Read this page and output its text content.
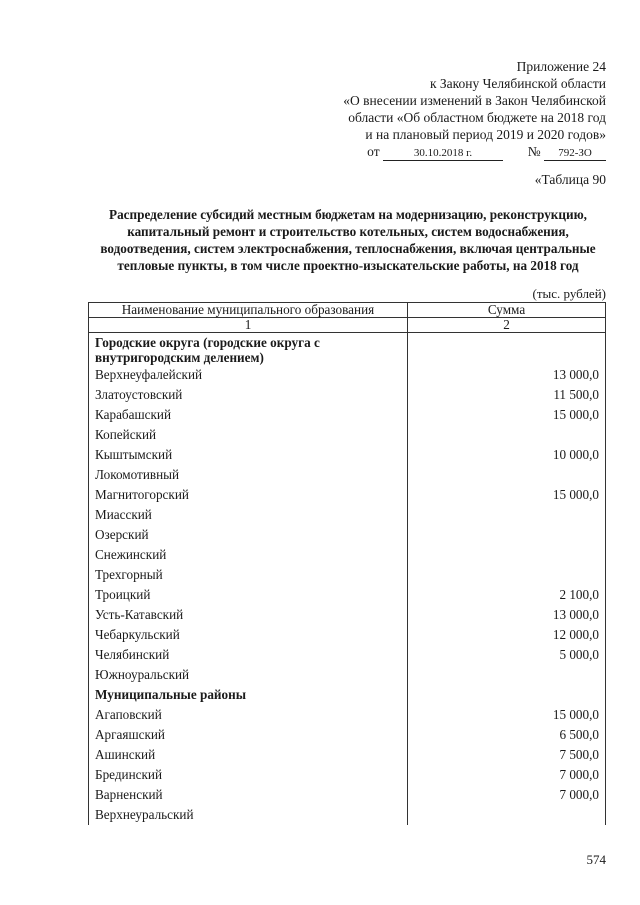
Приложение 24
к Закону Челябинской области
«О внесении изменений в Закон Челябинской
области «Об областном бюджете на 2018 год
и на плановый период 2019 и 2020 годов»
от	30.10.2018 г.	№ 792-ЗО
«Таблица 90
Распределение субсидий местным бюджетам на модернизацию, реконструкцию, капитальный ремонт и строительство котельных, систем водоснабжения, водоотведения, систем электроснабжения, теплоснабжения, включая центральные тепловые пункты, в том числе проектно-изыскательские работы, на 2018 год
(тыс. рублей)
Наименование муниципального образования	Сумма
1	2
Городские округа (городские округа с внутригородским делением)	
Верхнеуфалейский	13 000,0
Златоустовский	11 500,0
Карабашский	15 000,0
Копейский	
Кыштымский	10 000,0
Локомотивный	
Магнитогорский	15 000,0
Миасский	
Озерский	
Снежинский	
Трехгорный	
Троицкий	2 100,0
Усть-Катавский	13 000,0
Чебаркульский	12 000,0
Челябинский	5 000,0
Южноуральский	
Муниципальные районы	
Агаповский	15 000,0
Аргаяшский	6 500,0
Ашинский	7 500,0
Брединский	7 000,0
Варненский	7 000,0
Верхнеуральский	
574
